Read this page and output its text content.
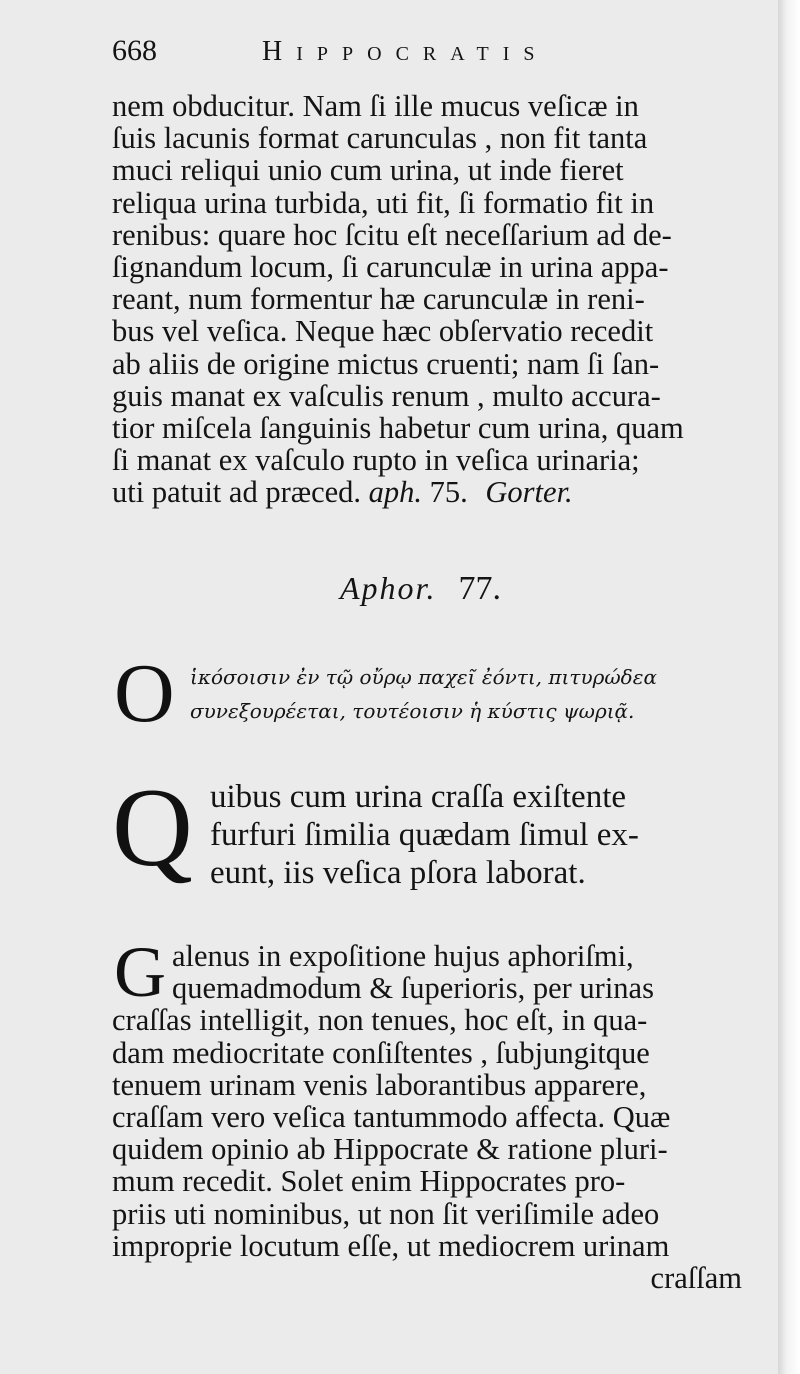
668	Hippocratis
nem obducitur. Nam ſi ille mucus veſicæ in
ſuis lacunis format carunculas , non fit tanta
muci reliqui unio cum urina, ut inde fieret
reliqua urina turbida, uti fit, ſi formatio fit in
renibus: quare hoc ſcitu eſt neceſſarium ad de-
ſignandum locum, ſi carunculæ in urina appa-
reant, num formentur hæ carunculæ in reni-
bus vel veſica. Neque hæc obſervatio recedit
ab aliis de origine mictus cruenti; nam ſi ſan-
guis manat ex vaſculis renum , multo accura-
tior miſcela ſanguinis habetur cum urina, quam
ſi manat ex vaſculo rupto in veſica urinaria;
uti patuit ad præced. aph. 75. Gorter.
Aphor. 77.
O ἱκόσοισιν ἐν τῷ οὔρῳ παχεῖ ἐόντι, πιτυρώδεα
συνεξουρέεται, τουτέοισιν ἡ κύστις ψωριᾷ.
Q uibus cum urina craſſa exiſtente
furfuri ſimilia quædam ſimul ex-
eunt, iis veſica pſora laborat.
G alenus in expoſitione hujus aphoriſmi,
quemadmodum & ſuperioris, per urinas
craſſas intelligit, non tenues, hoc eſt, in qua-
dam mediocritate conſiſtentes , ſubjungitque
tenuem urinam venis laborantibus apparere,
craſſam vero veſica tantummodo affecta. Quæ
quidem opinio ab Hippocrate & ratione pluri-
mum recedit. Solet enim Hippocrates pro-
priis uti nominibus, ut non ſit veriſimile adeo
improprie locutum eſſe, ut mediocrem urinam
craſſam
